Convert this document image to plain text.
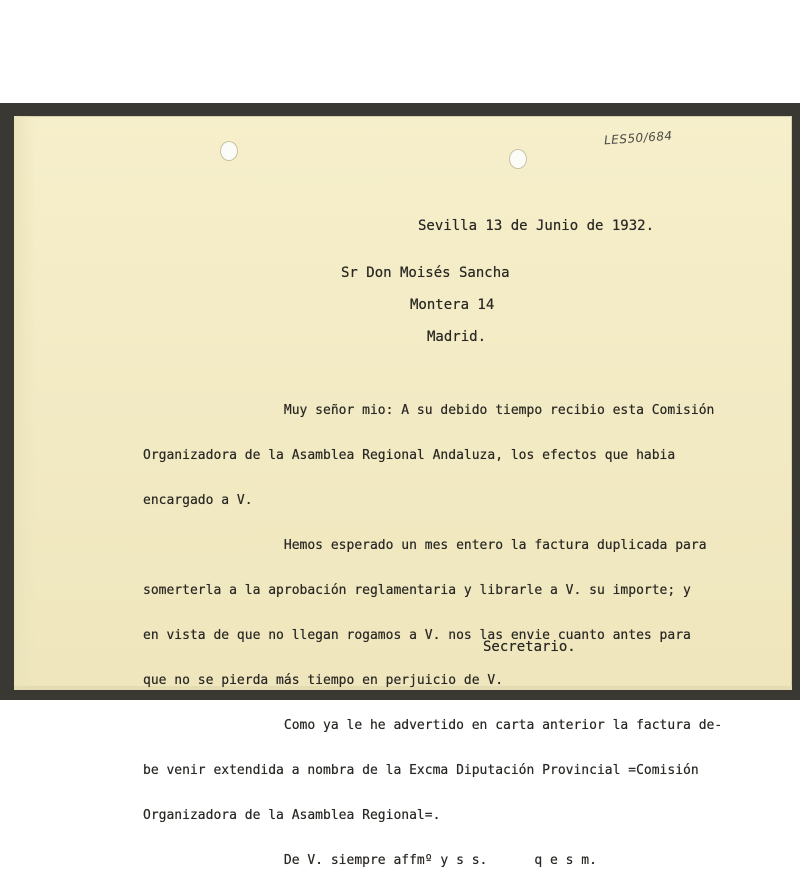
LES50/684
Sevilla 13 de Junio de 1932.
Sr Don Moisés Sancha
Montera 14
Madrid.

Muy señor mio: A su debido tiempo recibio esta Comisión

Organizadora de la Asamblea Regional Andaluza, los efectos que habia

encargado a V.

Hemos esperado un mes entero la factura duplicada para

somerterla a la aprobación reglamentaria y librarle a V. su importe; y

en vista de que no llegan rogamos a V. nos las envie cuanto antes para

que no se pierda más tiempo en perjuicio de V.

Como ya le he advertido en carta anterior la factura de-

be venir extendida a nombra de la Excma Diputación Provincial =Comisión

Organizadora de la Asamblea Regional=.

De V. siempre affmº y s s.      q e s m.

Secretario.
